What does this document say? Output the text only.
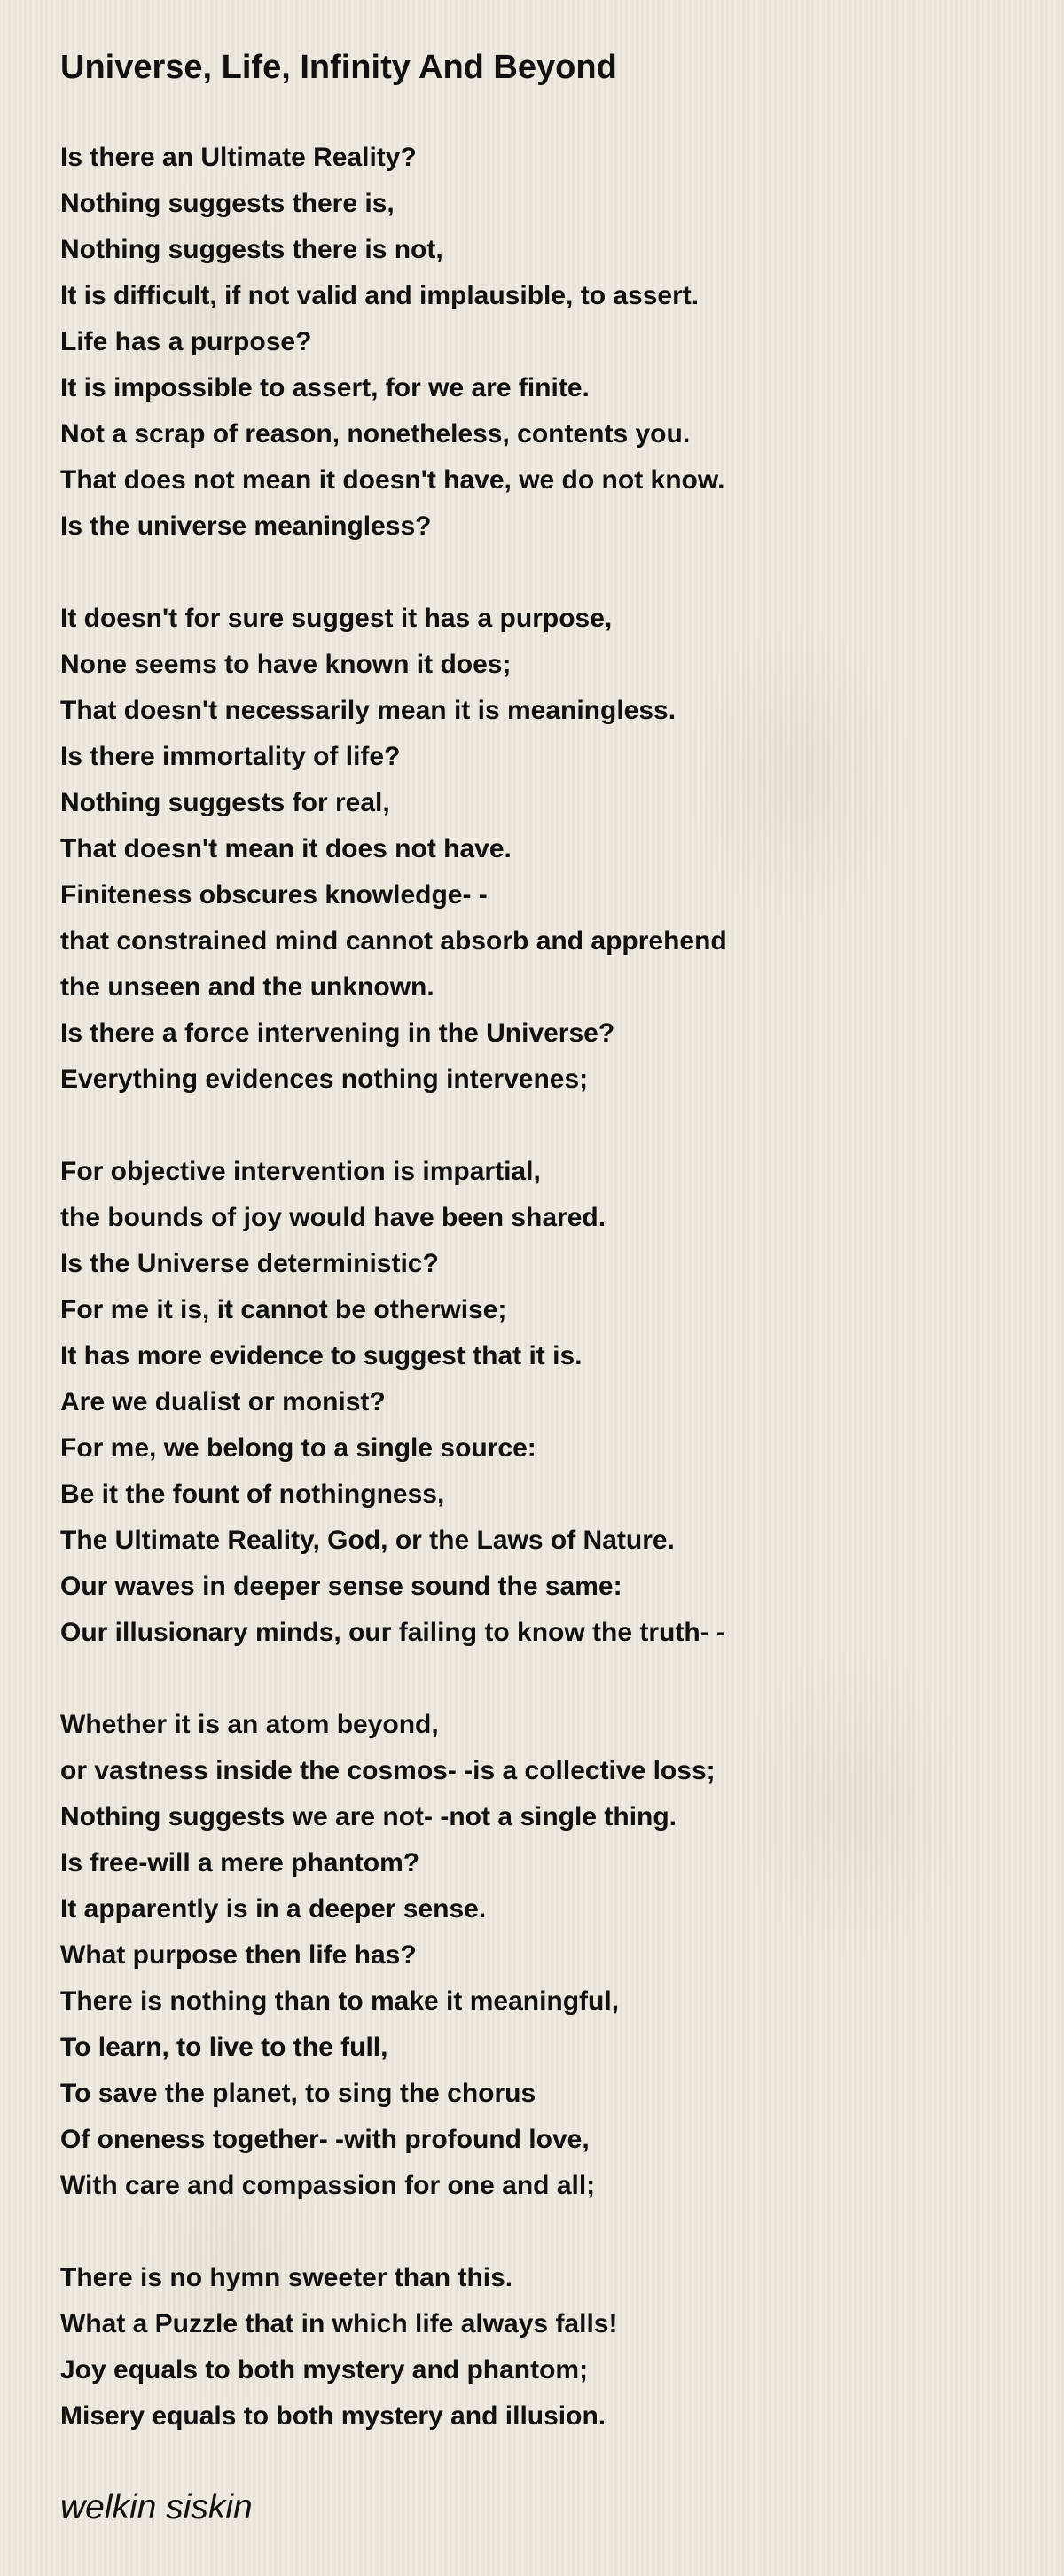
Universe, Life, Infinity And Beyond
Is there an Ultimate Reality?
Nothing suggests there is,
Nothing suggests there is not,
It is difficult, if not valid and implausible, to assert.
Life has a purpose?
It is impossible to assert, for we are finite.
Not a scrap of reason, nonetheless, contents you.
That does not mean it doesn't have, we do not know.
Is the universe meaningless?
It doesn't for sure suggest it has a purpose,
None seems to have known it does;
That doesn't necessarily mean it is meaningless.
Is there immortality of life?
Nothing suggests for real,
That doesn't mean it does not have.
Finiteness obscures knowledge- -
that constrained mind cannot absorb and apprehend
the unseen and the unknown.
Is there a force intervening in the Universe?
Everything evidences nothing intervenes;
For objective intervention is impartial,
the bounds of joy would have been shared.
Is the Universe deterministic?
For me it is, it cannot be otherwise;
It has more evidence to suggest that it is.
Are we dualist or monist?
For me, we belong to a single source:
Be it the fount of nothingness,
The Ultimate Reality, God, or the Laws of Nature.
Our waves in deeper sense sound the same:
Our illusionary minds, our failing to know the truth- -
Whether it is an atom beyond,
or vastness inside the cosmos- -is a collective loss;
Nothing suggests we are not- -not a single thing.
Is free-will a mere phantom?
It apparently is in a deeper sense.
What purpose then life has?
There is nothing than to make it meaningful,
To learn, to live to the full,
To save the planet, to sing the chorus
Of oneness together- -with profound love,
With care and compassion for one and all;
There is no hymn sweeter than this.
What a Puzzle that in which life always falls!
Joy equals to both mystery and phantom;
Misery equals to both mystery and illusion.
welkin siskin
